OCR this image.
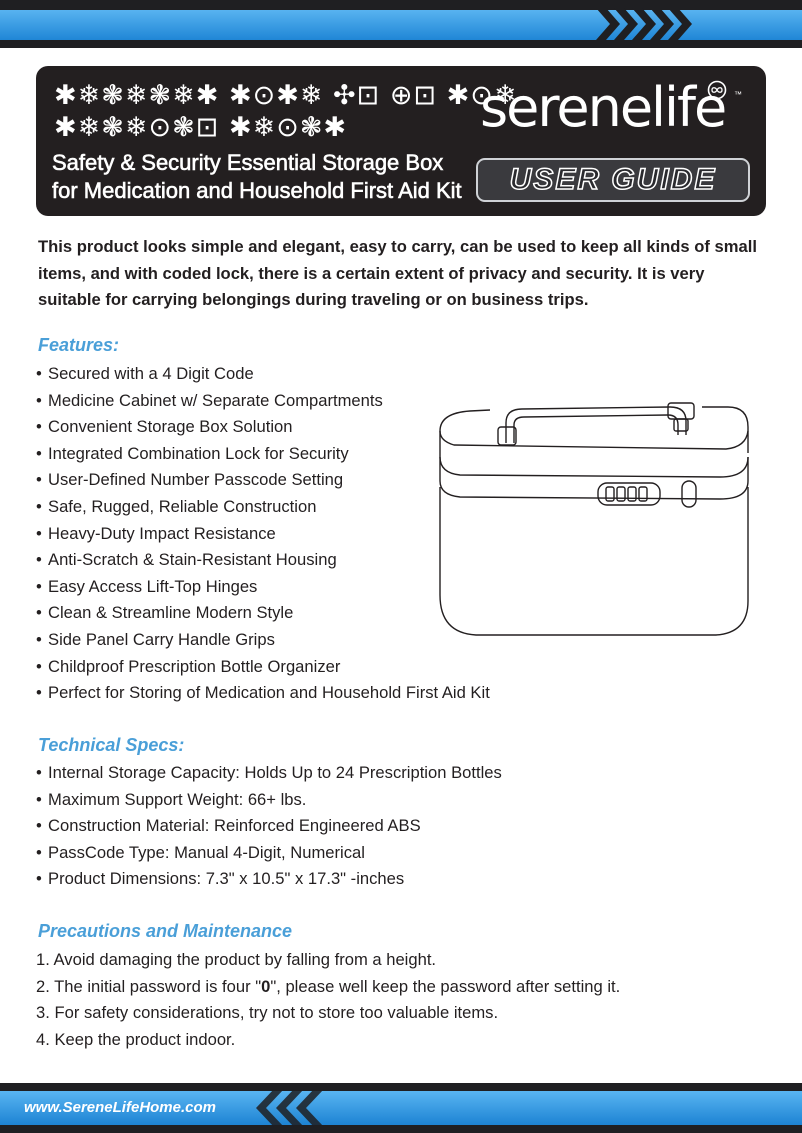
✱❄❃❄❃❄✱ ✱⊙✱❄ ✣⊡ ⊕⊡ ✱⊙❄
✱❄❃❄⊙❃⊡ ✱❄⊙❃✱
Safety & Security Essential Storage Box
for Medication and Household First Aid Kit
serenelife	™
USER GUIDE
This product looks simple and elegant, easy to carry, can be used to keep all kinds of small items, and with coded lock, there is a certain extent of privacy and security. It is very suitable for carrying belongings during traveling or on business trips.
Features:
• Secured with a 4 Digit Code
• Medicine Cabinet w/ Separate Compartments
• Convenient Storage Box Solution
• Integrated Combination Lock for Security
• User-Defined Number Passcode Setting
• Safe, Rugged, Reliable Construction
• Heavy-Duty Impact Resistance
• Anti-Scratch & Stain-Resistant Housing
• Easy Access Lift-Top Hinges
• Clean & Streamline Modern Style
• Side Panel Carry Handle Grips
• Childproof Prescription Bottle Organizer
• Perfect for Storing of Medication and Household First Aid Kit
Technical Specs:
• Internal Storage Capacity: Holds Up to 24 Prescription Bottles
• Maximum Support Weight: 66+ lbs.
• Construction Material: Reinforced Engineered ABS
• PassCode Type: Manual 4-Digit, Numerical
• Product Dimensions: 7.3" x 10.5" x 17.3" -inches
Precautions and Maintenance
1. Avoid damaging the product by falling from a height.
2. The initial password is four "0", please well keep the password after setting it.
3. For safety considerations, try not to store too valuable items.
4. Keep the product indoor.
www.SereneLifeHome.com
